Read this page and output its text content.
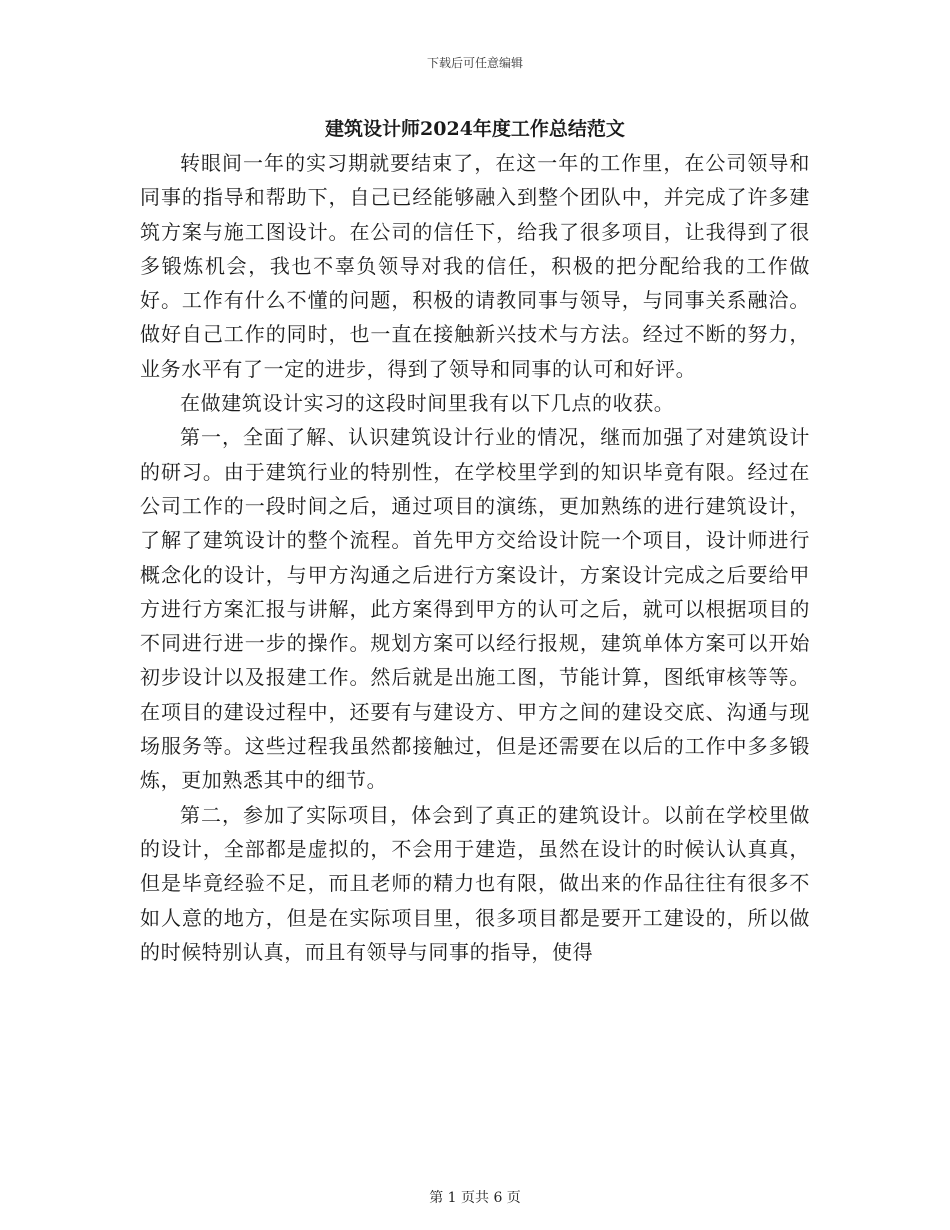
下载后可任意编辑
建筑设计师2024年度工作总结范文

转眼间一年的实习期就要结束了，在这一年的工作里，在公司领导和同事的指导和帮助下，自己已经能够融入到整个团队中，并完成了许多建筑方案与施工图设计。在公司的信任下，给我了很多项目，让我得到了很多锻炼机会，我也不辜负领导对我的信任，积极的把分配给我的工作做好。工作有什么不懂的问题，积极的请教同事与领导，与同事关系融洽。做好自己工作的同时，也一直在接触新兴技术与方法。经过不断的努力，业务水平有了一定的进步，得到了领导和同事的认可和好评。

在做建筑设计实习的这段时间里我有以下几点的收获。

第一，全面了解、认识建筑设计行业的情况，继而加强了对建筑设计的研习。由于建筑行业的特别性，在学校里学到的知识毕竟有限。经过在公司工作的一段时间之后，通过项目的演练，更加熟练的进行建筑设计，了解了建筑设计的整个流程。首先甲方交给设计院一个项目，设计师进行概念化的设计，与甲方沟通之后进行方案设计，方案设计完成之后要给甲方进行方案汇报与讲解，此方案得到甲方的认可之后，就可以根据项目的不同进行进一步的操作。规划方案可以经行报规，建筑单体方案可以开始初步设计以及报建工作。然后就是出施工图，节能计算，图纸审核等等。在项目的建设过程中，还要有与建设方、甲方之间的建设交底、沟通与现场服务等。这些过程我虽然都接触过，但是还需要在以后的工作中多多锻炼，更加熟悉其中的细节。

第二，参加了实际项目，体会到了真正的建筑设计。以前在学校里做的设计，全部都是虚拟的，不会用于建造，虽然在设计的时候认认真真，但是毕竟经验不足，而且老师的精力也有限，做出来的作品往往有很多不如人意的地方，但是在实际项目里，很多项目都是要开工建设的，所以做的时候特别认真，而且有领导与同事的指导，使得

第 1 页共 6 页
